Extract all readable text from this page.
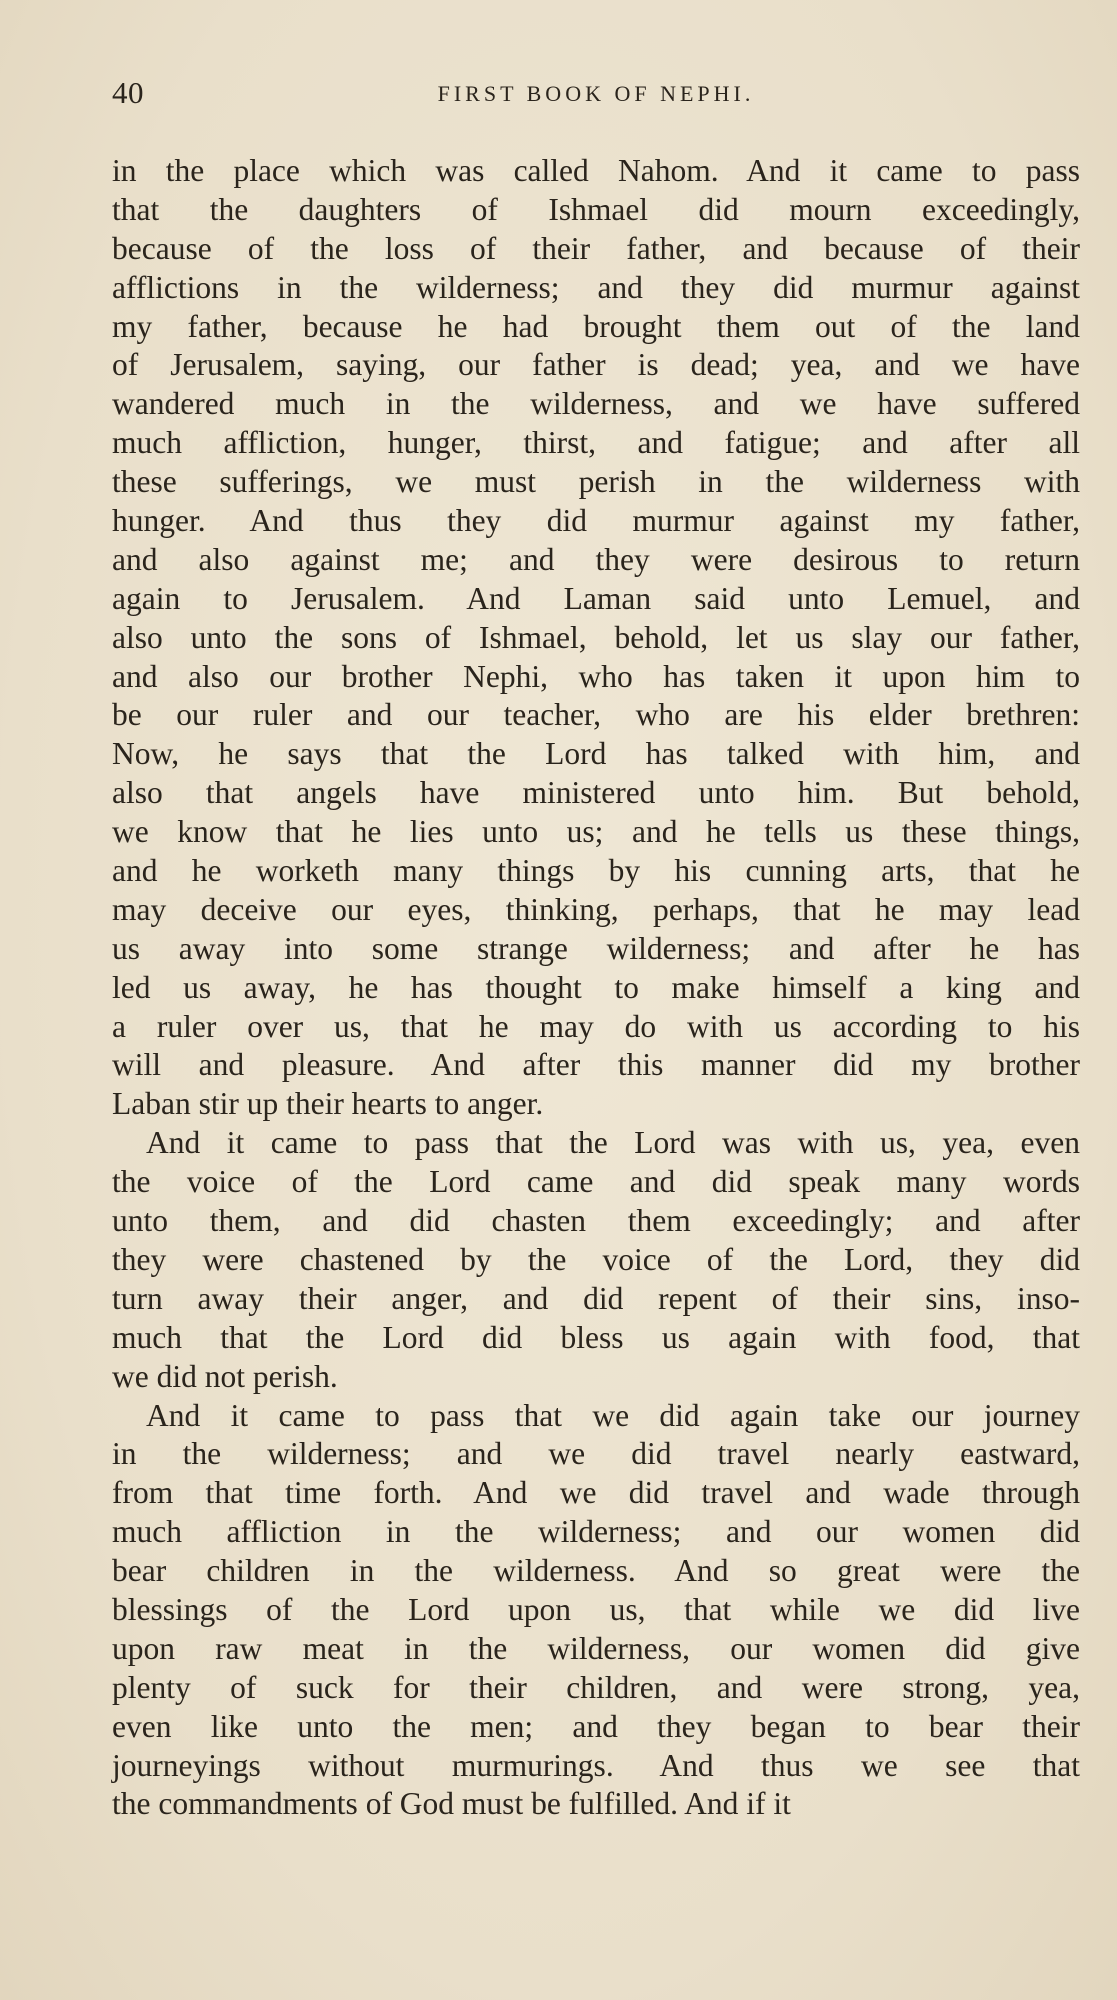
40	FIRST BOOK OF NEPHI.
in the place which was called Nahom. And it came to pass
that the daughters of Ishmael did mourn exceedingly,
because of the loss of their father, and because of their
afflictions in the wilderness; and they did murmur against
my father, because he had brought them out of the land
of Jerusalem, saying, our father is dead; yea, and we have
wandered much in the wilderness, and we have suffered
much affliction, hunger, thirst, and fatigue; and after all
these sufferings, we must perish in the wilderness with
hunger. And thus they did murmur against my father,
and also against me; and they were desirous to return
again to Jerusalem. And Laman said unto Lemuel, and
also unto the sons of Ishmael, behold, let us slay our father,
and also our brother Nephi, who has taken it upon him to
be our ruler and our teacher, who are his elder brethren:
Now, he says that the Lord has talked with him, and
also that angels have ministered unto him. But behold,
we know that he lies unto us; and he tells us these things,
and he worketh many things by his cunning arts, that he
may deceive our eyes, thinking, perhaps, that he may lead
us away into some strange wilderness; and after he has
led us away, he has thought to make himself a king and
a ruler over us, that he may do with us according to his
will and pleasure. And after this manner did my brother
Laban stir up their hearts to anger.
And it came to pass that the Lord was with us, yea, even
the voice of the Lord came and did speak many words
unto them, and did chasten them exceedingly; and after
they were chastened by the voice of the Lord, they did
turn away their anger, and did repent of their sins, inso-
much that the Lord did bless us again with food, that
we did not perish.
And it came to pass that we did again take our journey
in the wilderness; and we did travel nearly eastward,
from that time forth. And we did travel and wade through
much affliction in the wilderness; and our women did
bear children in the wilderness. And so great were the
blessings of the Lord upon us, that while we did live
upon raw meat in the wilderness, our women did give
plenty of suck for their children, and were strong, yea,
even like unto the men; and they began to bear their
journeyings without murmurings. And thus we see that
the commandments of God must be fulfilled. And if it
